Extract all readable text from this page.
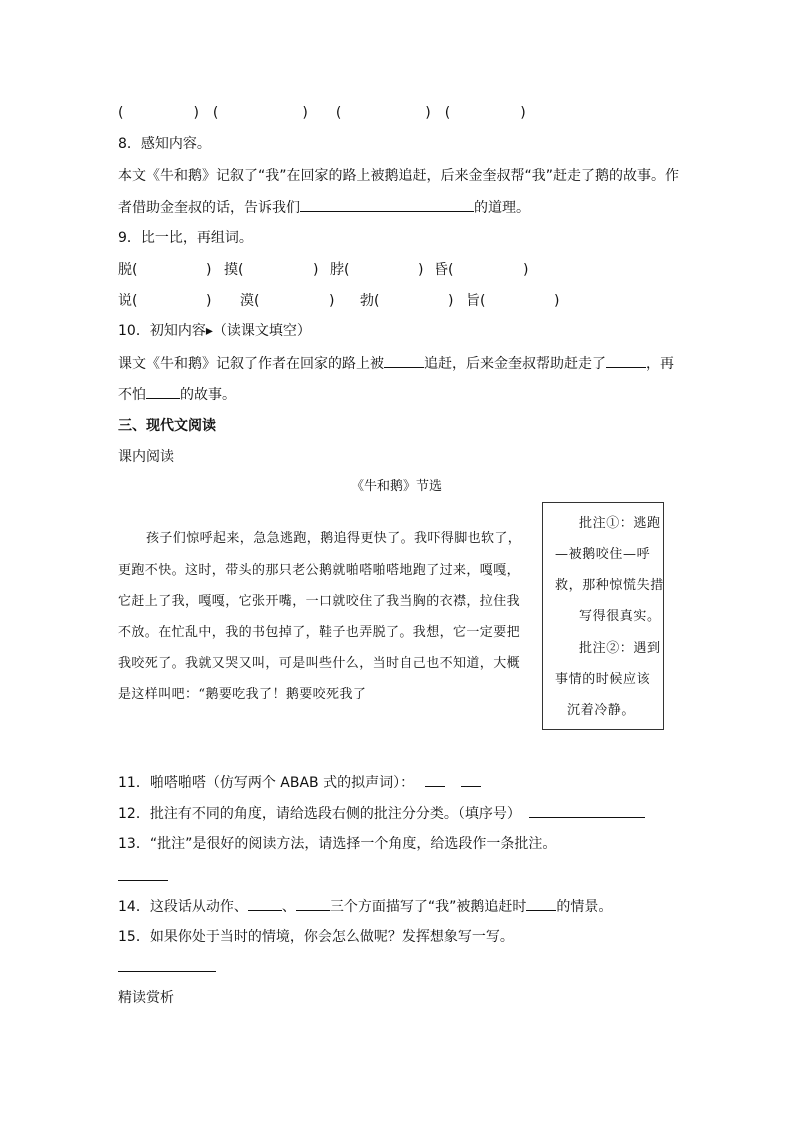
(　　　　　)　(　　　　　　)　　(　　　　　　)　(　　　　　)
8．感知内容。
本文《牛和鹅》记叙了“我”在回家的路上被鹅追赶，后来金奎叔帮“我”赶走了鹅的故事。作
者借助金奎叔的话，告诉我们	的道理。
9．比一比，再组词。
脱(	) 摸(	) 脖(	) 昏(	)
说(	) 漠(	) 勃(	) 旨(	)
10．初知内容▸（读课文填空）
课文《牛和鹅》记叙了作者在回家的路上被	追赶，后来金奎叔帮助赶走了	，再
不怕 的故事。
三、现代文阅读
课内阅读
《牛和鹅》节选
孩子们惊呼起来，急急逃跑，鹅追得更快了。我吓得脚也软了，
更跑不快。这时，带头的那只老公鹅就啪嗒啪嗒地跑了过来，嘎嘎，
它赶上了我，嘎嘎，它张开嘴，一口就咬住了我当胸的衣襟，拉住我
不放。在忙乱中，我的书包掉了，鞋子也弄脱了。我想，它一定要把
我咬死了。我就又哭又叫，可是叫些什么，当时自己也不知道，大概
是这样叫吧：“鹅要吃我了！鹅要咬死我了
批注①：逃跑
—被鹅咬住—呼
救，那种惊慌失措
写得很真实。
批注②：遇到
事情的时候应该
沉着冷静。
11．啪嗒啪嗒（仿写两个 ABAB 式的拟声词）：
12．批注有不同的角度，请给选段右侧的批注分分类。（填序号）
13．“批注”是很好的阅读方法，请选择一个角度，给选段作一条批注。
14．这段话从动作、 、 三个方面描写了“我”被鹅追赶时 的情景。
15．如果你处于当时的情境，你会怎么做呢？发挥想象写一写。
精读赏析
